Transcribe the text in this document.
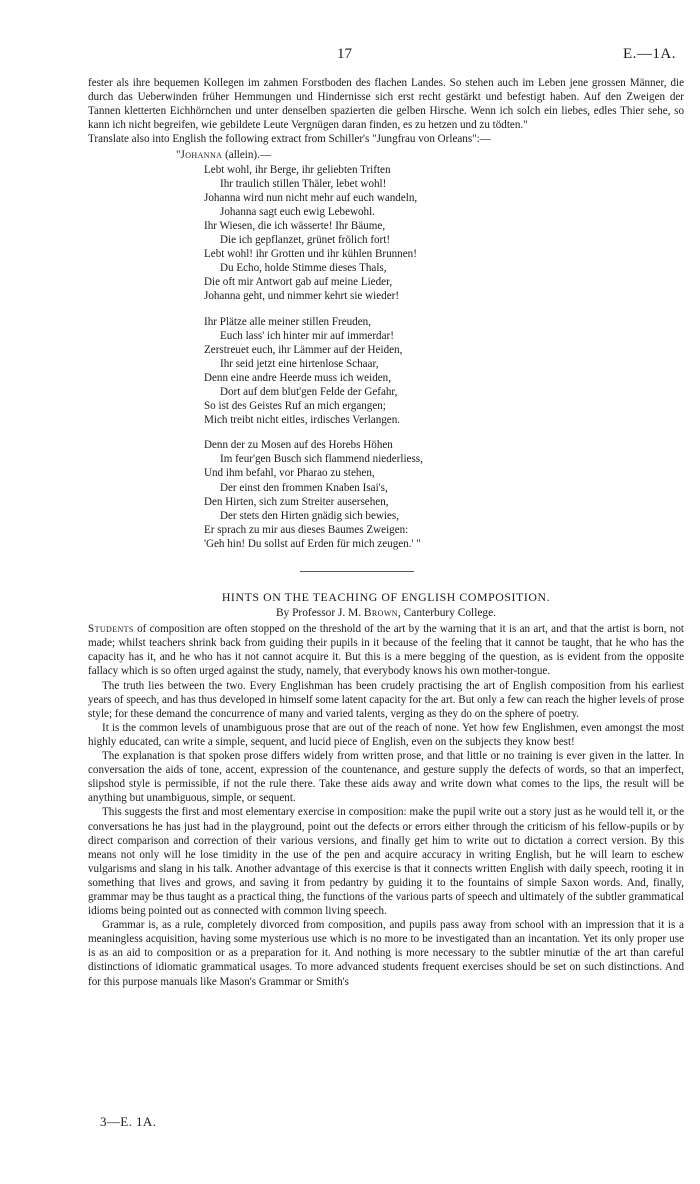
17	E.—1A.

fester als ihre bequemen Kollegen im zahmen Forstboden des flachen Landes. So stehen auch im Leben jene grossen Männer, die durch das Ueberwinden früher Hemmungen und Hindernisse sich erst recht gestärkt und befestigt haben. Auf den Zweigen der Tannen kletterten Eichhörnchen und unter denselben spazierten die gelben Hirsche. Wenn ich solch ein liebes, edles Thier sehe, so kann ich nicht begreifen, wie gebildete Leute Vergnügen daran finden, es zu hetzen und zu tödten."

Translate also into English the following extract from Schiller's "Jungfrau von Orleans":—

"Johanna (allein).—

Lebt wohl, ihr Berge, ihr geliebten Triften
Ihr traulich stillen Thäler, lebet wohl!
Johanna wird nun nicht mehr auf euch wandeln,
Johanna sagt euch ewig Lebewohl.
Ihr Wiesen, die ich wässerte! Ihr Bäume,
Die ich gepflanzet, grünet frölich fort!
Lebt wohl! ihr Grotten und ihr kühlen Brunnen!
Du Echo, holde Stimme dieses Thals,
Die oft mir Antwort gab auf meine Lieder,
Johanna geht, und nimmer kehrt sie wieder!
Ihr Plätze alle meiner stillen Freuden,
Euch lass' ich hinter mir auf immerdar!
Zerstreuet euch, ihr Lämmer auf der Heiden,
Ihr seid jetzt eine hirtenlose Schaar,
Denn eine andre Heerde muss ich weiden,
Dort auf dem blut'gen Felde der Gefahr,
So ist des Geistes Ruf an mich ergangen;
Mich treibt nicht eitles, irdisches Verlangen.
Denn der zu Mosen auf des Horebs Höhen
Im feur'gen Busch sich flammend niederliess,
Und ihm befahl, vor Pharao zu stehen,
Der einst den frommen Knaben Isai's,
Den Hirten, sich zum Streiter ausersehen,
Der stets den Hirten gnädig sich bewies,
Er sprach zu mir aus dieses Baumes Zweigen:
'Geh hin! Du sollst auf Erden für mich zeugen.' "

HINTS ON THE TEACHING OF ENGLISH COMPOSITION.

By Professor J. M. Brown, Canterbury College.

Students of composition are often stopped on the threshold of the art by the warning that it is an art, and that the artist is born, not made; whilst teachers shrink back from guiding their pupils in it because of the feeling that it cannot be taught, that he who has the capacity has it, and he who has it not cannot acquire it. But this is a mere begging of the question, as is evident from the opposite fallacy which is so often urged against the study, namely, that everybody knows his own mother-tongue.

The truth lies between the two. Every Englishman has been crudely practising the art of English composition from his earliest years of speech, and has thus developed in himself some latent capacity for the art. But only a few can reach the higher levels of prose style; for these demand the concurrence of many and varied talents, verging as they do on the sphere of poetry.

It is the common levels of unambiguous prose that are out of the reach of none. Yet how few Englishmen, even amongst the most highly educated, can write a simple, sequent, and lucid piece of English, even on the subjects they know best!

The explanation is that spoken prose differs widely from written prose, and that little or no training is ever given in the latter. In conversation the aids of tone, accent, expression of the countenance, and gesture supply the defects of words, so that an imperfect, slipshod style is permissible, if not the rule there. Take these aids away and write down what comes to the lips, the result will be anything but unambiguous, simple, or sequent.

This suggests the first and most elementary exercise in composition: make the pupil write out a story just as he would tell it, or the conversations he has just had in the playground, point out the defects or errors either through the criticism of his fellow-pupils or by direct comparison and correction of their various versions, and finally get him to write out to dictation a correct version. By this means not only will he lose timidity in the use of the pen and acquire accuracy in writing English, but he will learn to eschew vulgarisms and slang in his talk. Another advantage of this exercise is that it connects written English with daily speech, rooting it in something that lives and grows, and saving it from pedantry by guiding it to the fountains of simple Saxon words. And, finally, grammar may be thus taught as a practical thing, the functions of the various parts of speech and ultimately of the subtler grammatical idioms being pointed out as connected with common living speech.

Grammar is, as a rule, completely divorced from composition, and pupils pass away from school with an impression that it is a meaningless acquisition, having some mysterious use which is no more to be investigated than an incantation. Yet its only proper use is as an aid to composition or as a preparation for it. And nothing is more necessary to the subtler minutiæ of the art than careful distinctions of idiomatic grammatical usages. To more advanced students frequent exercises should be set on such distinctions. And for this purpose manuals like Mason's Grammar or Smith's

3—E. 1A.
